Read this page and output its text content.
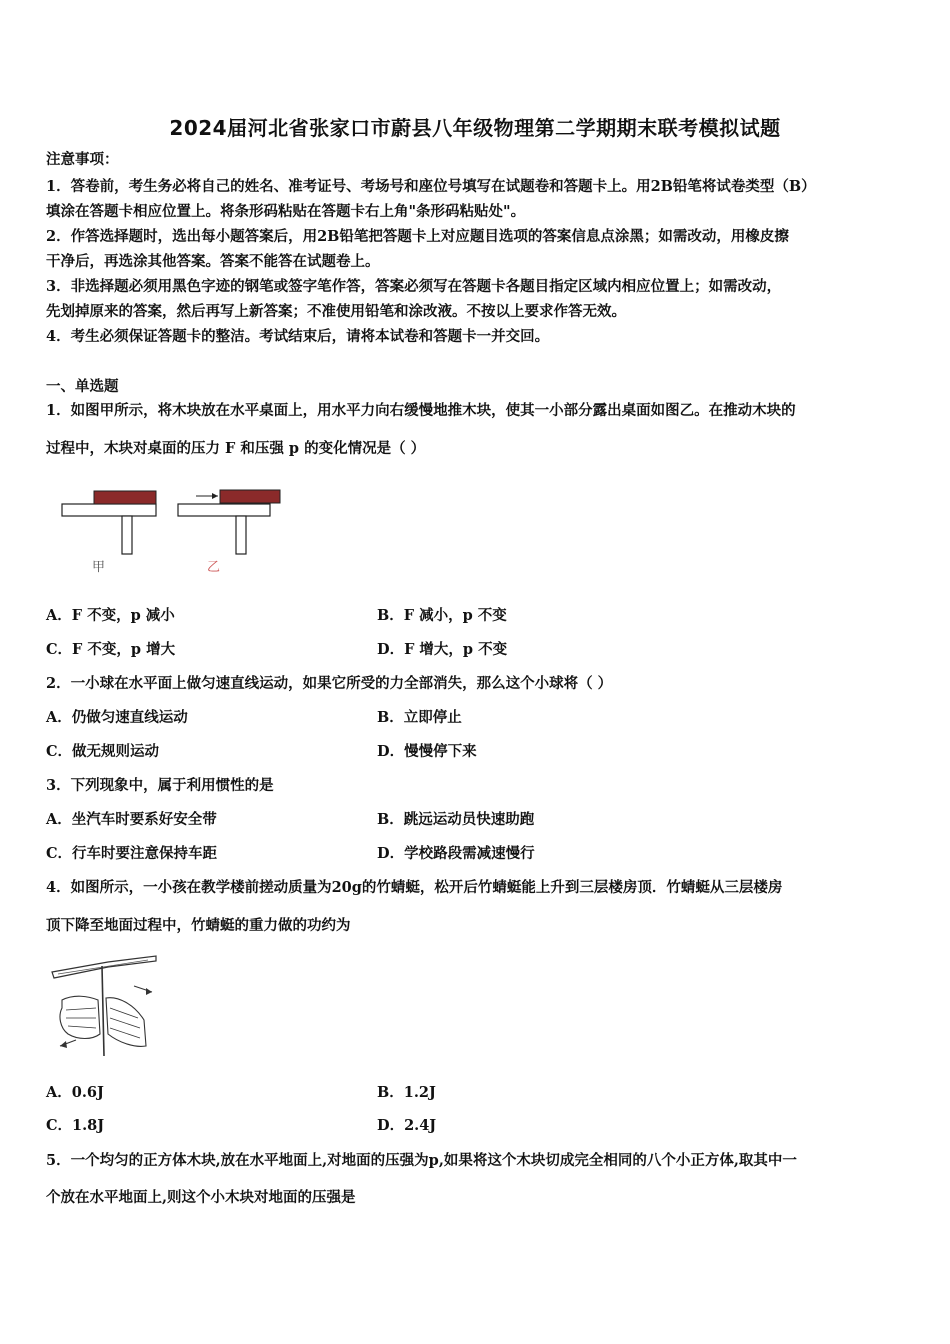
2024届河北省张家口市蔚县八年级物理第二学期期末联考模拟试题
注意事项：
1．答卷前，考生务必将自己的姓名、准考证号、考场号和座位号填写在试题卷和答题卡上。用2B铅笔将试卷类型（B）
填涂在答题卡相应位置上。将条形码粘贴在答题卡右上角"条形码粘贴处"。
2．作答选择题时，选出每小题答案后，用2B铅笔把答题卡上对应题目选项的答案信息点涂黑；如需改动，用橡皮擦
干净后，再选涂其他答案。答案不能答在试题卷上。
3．非选择题必须用黑色字迹的钢笔或签字笔作答，答案必须写在答题卡各题目指定区域内相应位置上；如需改动，
先划掉原来的答案，然后再写上新答案；不准使用铅笔和涂改液。不按以上要求作答无效。
4．考生必须保证答题卡的整洁。考试结束后，请将本试卷和答题卡一并交回。
一、单选题
1．如图甲所示，将木块放在水平桌面上，用水平力向右缓慢地推木块，使其一小部分露出桌面如图乙。在推动木块的
过程中，木块对桌面的压力 F 和压强 p 的变化情况是（ ）
甲	乙
A．F 不变，p 减小	B．F 减小，p 不变
C．F 不变，p 增大	D．F 增大，p 不变
2．一小球在水平面上做匀速直线运动，如果它所受的力全部消失，那么这个小球将（ ）
A．仍做匀速直线运动	B．立即停止
C．做无规则运动	D．慢慢停下来
3．下列现象中，属于利用惯性的是
A．坐汽车时要系好安全带	B．跳远运动员快速助跑
C．行车时要注意保持车距	D．学校路段需减速慢行
4．如图所示，一小孩在教学楼前搓动质量为20g的竹蜻蜓，松开后竹蜻蜓能上升到三层楼房顶．竹蜻蜓从三层楼房
顶下降至地面过程中，竹蜻蜓的重力做的功约为
A．0.6J	B．1.2J
C．1.8J	D．2.4J
5．一个均匀的正方体木块,放在水平地面上,对地面的压强为p,如果将这个木块切成完全相同的八个小正方体,取其中一
个放在水平地面上,则这个小木块对地面的压强是
